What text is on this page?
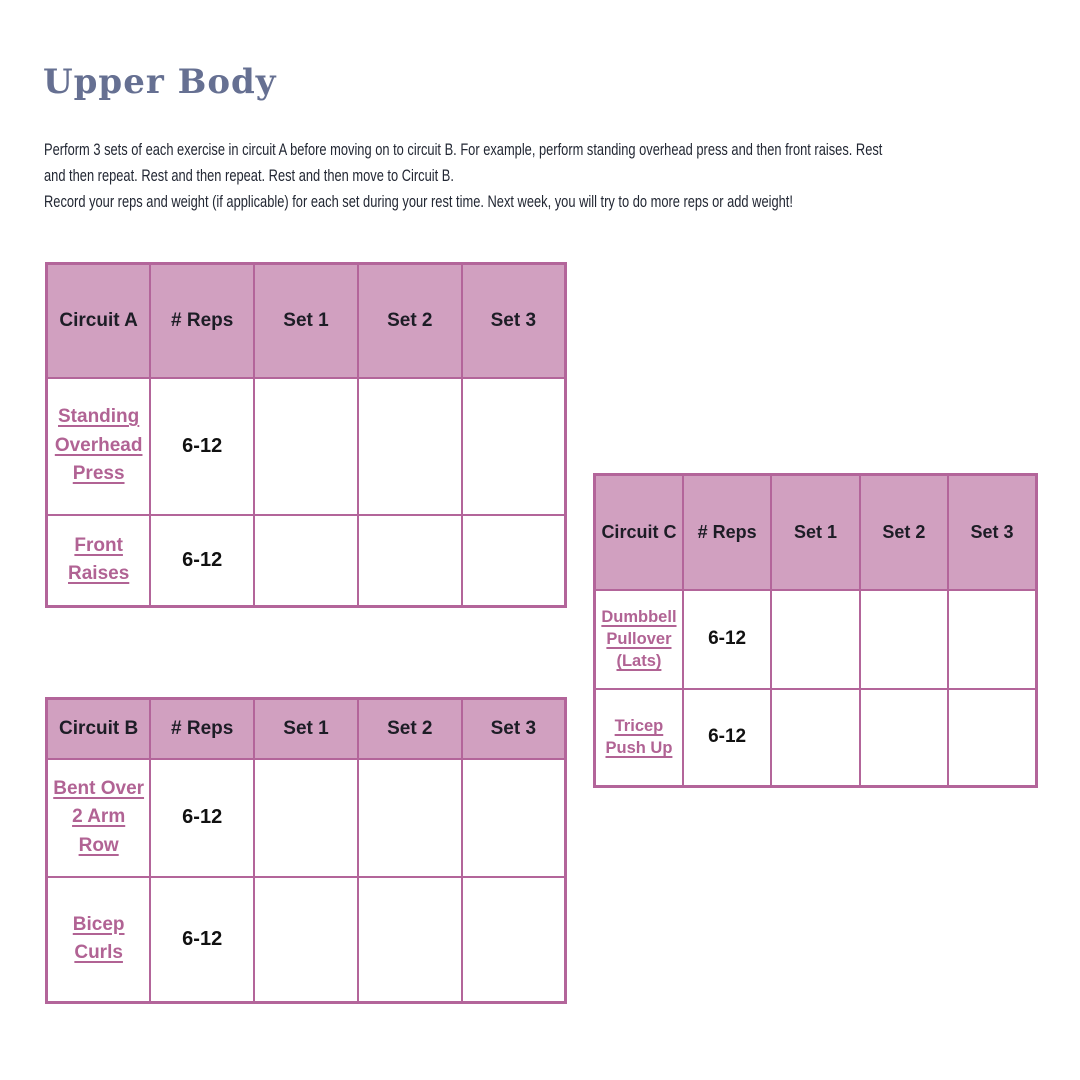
Upper Body
Perform 3 sets of each exercise in circuit A before moving on to circuit B. For example, perform standing overhead press and then front raises. Rest
and then repeat. Rest and then repeat. Rest and then move to Circuit B.
Record your reps and weight (if applicable) for each set during your rest time. Next week, you will try to do more reps or add weight!
Circuit A	# Reps	Set 1	Set 2	Set 3
Standing Overhead Press	6-12			
Front Raises	6-12			
Circuit B	# Reps	Set 1	Set 2	Set 3
Bent Over 2 Arm Row	6-12			
Bicep Curls	6-12			
Circuit C	# Reps	Set 1	Set 2	Set 3
Dumbbell Pullover (Lats)	6-12			
Tricep Push Up	6-12			
